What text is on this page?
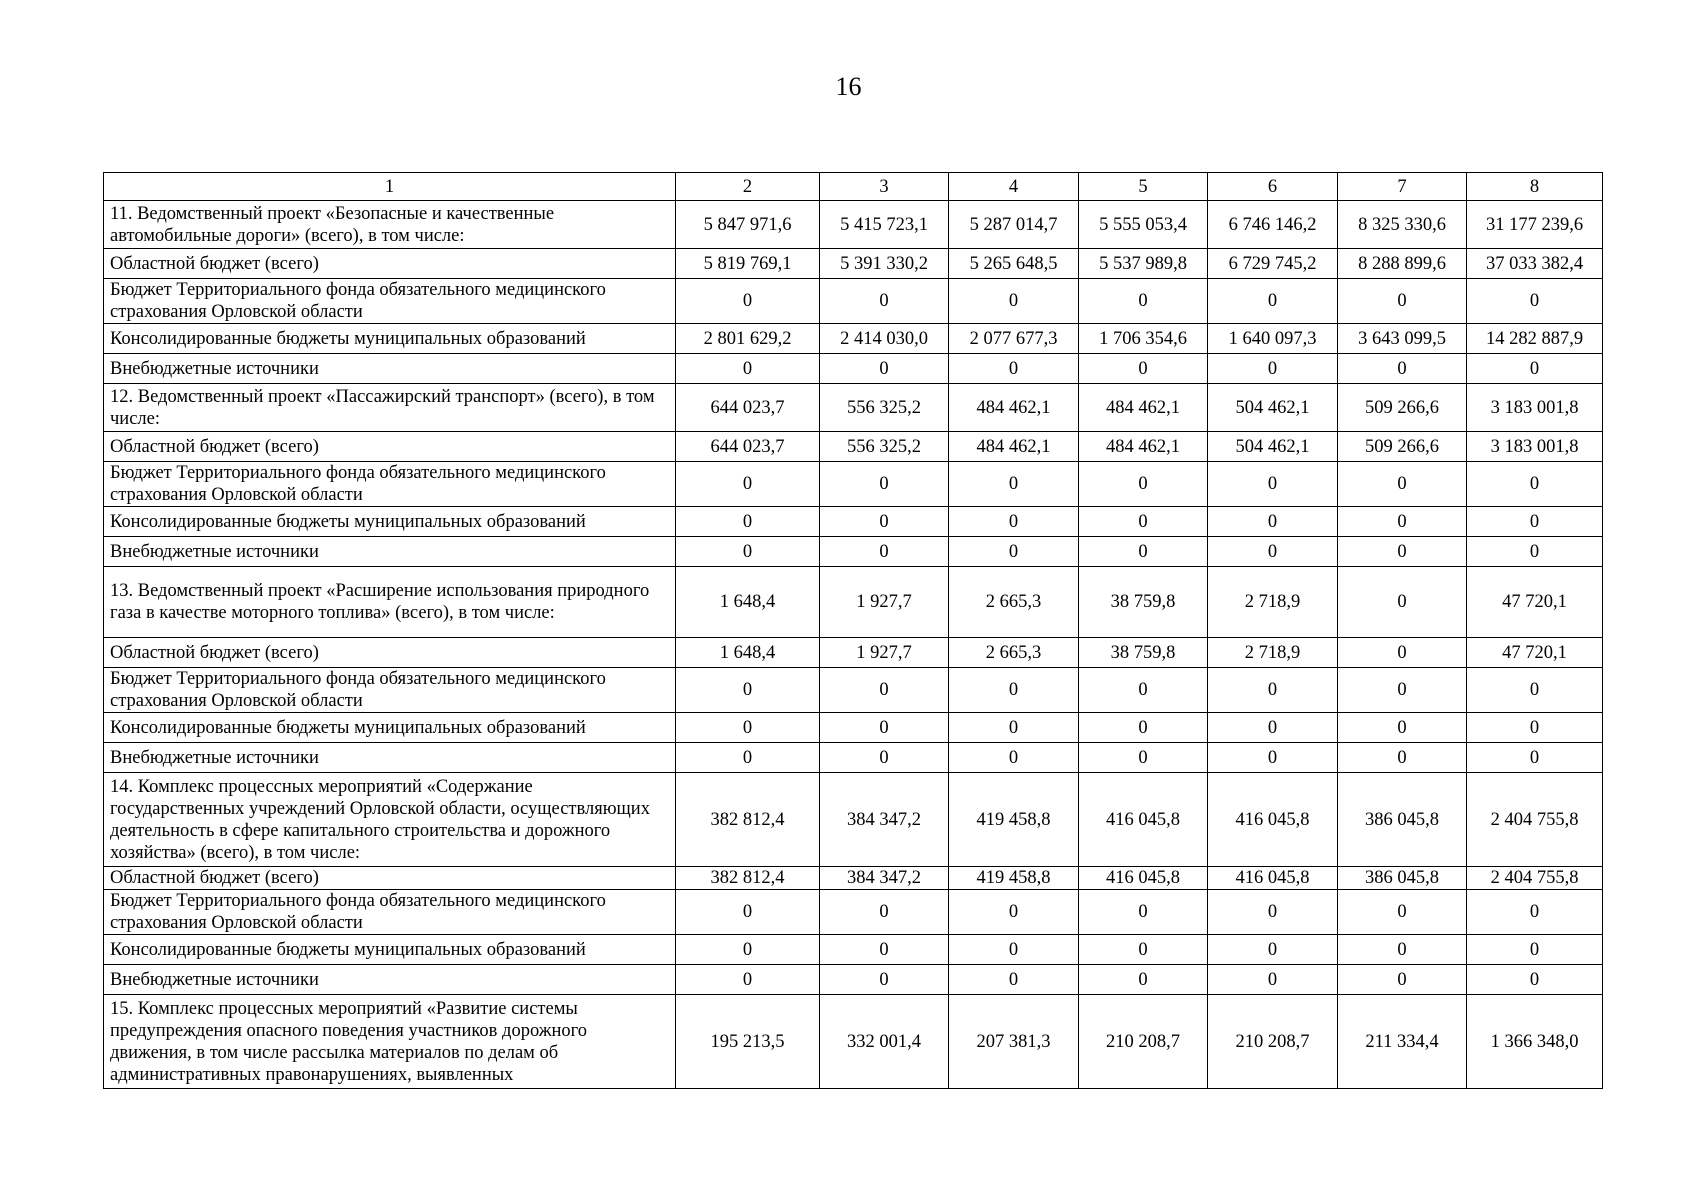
16
1	2	3	4	5	6	7	8
11. Ведомственный проект «Безопасные и качественные автомобильные дороги» (всего), в том числе:	5 847 971,6	5 415 723,1	5 287 014,7	5 555 053,4	6 746 146,2	8 325 330,6	31 177 239,6
Областной бюджет (всего)	5 819 769,1	5 391 330,2	5 265 648,5	5 537 989,8	6 729 745,2	8 288 899,6	37 033 382,4
Бюджет Территориального фонда обязательного медицинского страхования Орловской области	0	0	0	0	0	0	0
Консолидированные бюджеты муниципальных образований	2 801 629,2	2 414 030,0	2 077 677,3	1 706 354,6	1 640 097,3	3 643 099,5	14 282 887,9
Внебюджетные источники	0	0	0	0	0	0	0
12. Ведомственный проект «Пассажирский транспорт» (всего), в том числе:	644 023,7	556 325,2	484 462,1	484 462,1	504 462,1	509 266,6	3 183 001,8
Областной бюджет (всего)	644 023,7	556 325,2	484 462,1	484 462,1	504 462,1	509 266,6	3 183 001,8
Бюджет Территориального фонда обязательного медицинского страхования Орловской области	0	0	0	0	0	0	0
Консолидированные бюджеты муниципальных образований	0	0	0	0	0	0	0
Внебюджетные источники	0	0	0	0	0	0	0
13. Ведомственный проект «Расширение использования природного газа в качестве моторного топлива» (всего), в том числе:	1 648,4	1 927,7	2 665,3	38 759,8	2 718,9	0	47 720,1
Областной бюджет (всего)	1 648,4	1 927,7	2 665,3	38 759,8	2 718,9	0	47 720,1
Бюджет Территориального фонда обязательного медицинского страхования Орловской области	0	0	0	0	0	0	0
Консолидированные бюджеты муниципальных образований	0	0	0	0	0	0	0
Внебюджетные источники	0	0	0	0	0	0	0
14. Комплекс процессных мероприятий «Содержание государственных учреждений Орловской области, осуществляющих деятельность в сфере капитального строительства и дорожного хозяйства» (всего), в том числе:	382 812,4	384 347,2	419 458,8	416 045,8	416 045,8	386 045,8	2 404 755,8
Областной бюджет (всего)	382 812,4	384 347,2	419 458,8	416 045,8	416 045,8	386 045,8	2 404 755,8
Бюджет Территориального фонда обязательного медицинского страхования Орловской области	0	0	0	0	0	0	0
Консолидированные бюджеты муниципальных образований	0	0	0	0	0	0	0
Внебюджетные источники	0	0	0	0	0	0	0
15. Комплекс процессных мероприятий «Развитие системы предупреждения опасного поведения участников дорожного движения, в том числе рассылка материалов по делам об административных правонарушениях, выявленных	195 213,5	332 001,4	207 381,3	210 208,7	210 208,7	211 334,4	1 366 348,0
